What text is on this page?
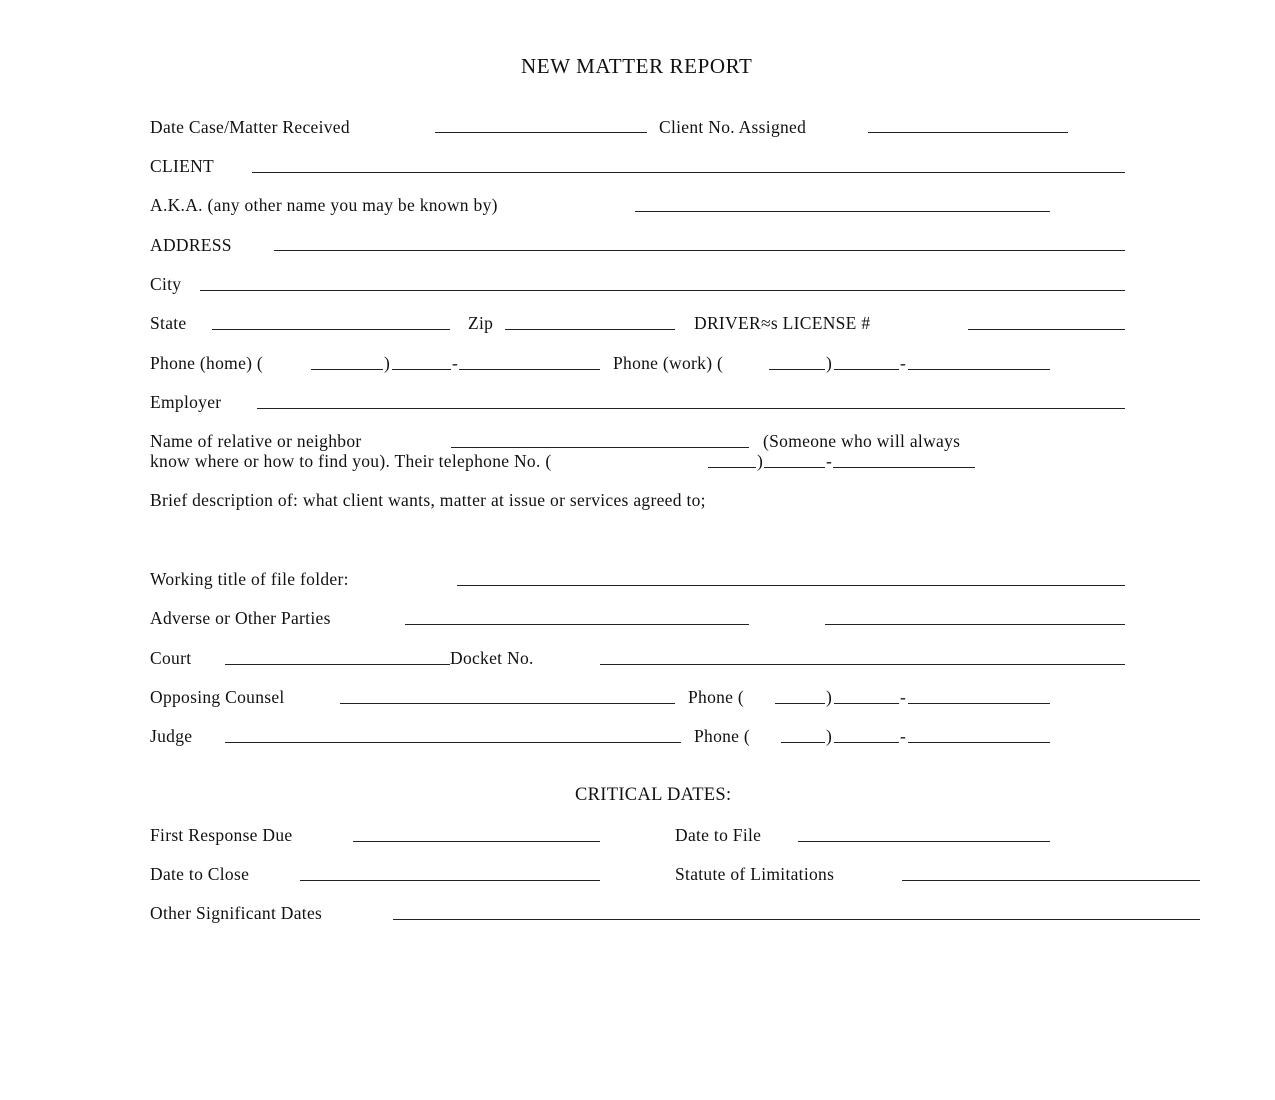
NEW MATTER REPORT
Date Case/Matter Received	Client No. Assigned
CLIENT
A.K.A. (any other name you may be known by)
ADDRESS
City
State	Zip	DRIVER≈s LICENSE #
Phone (home) (	)	-	Phone (work) (	)	-
Employer
Name of relative or neighbor	(Someone who will always
know where or how to find you). Their telephone No. (	)	-
Brief description of: what client wants, matter at issue or services agreed to;
Working title of file folder:
Adverse or Other Parties
Court	Docket No.
Opposing Counsel	Phone (	)	-
Judge	Phone (	)	-
CRITICAL DATES:
First Response Due	Date to File
Date to Close	Statute of Limitations
Other Significant Dates
